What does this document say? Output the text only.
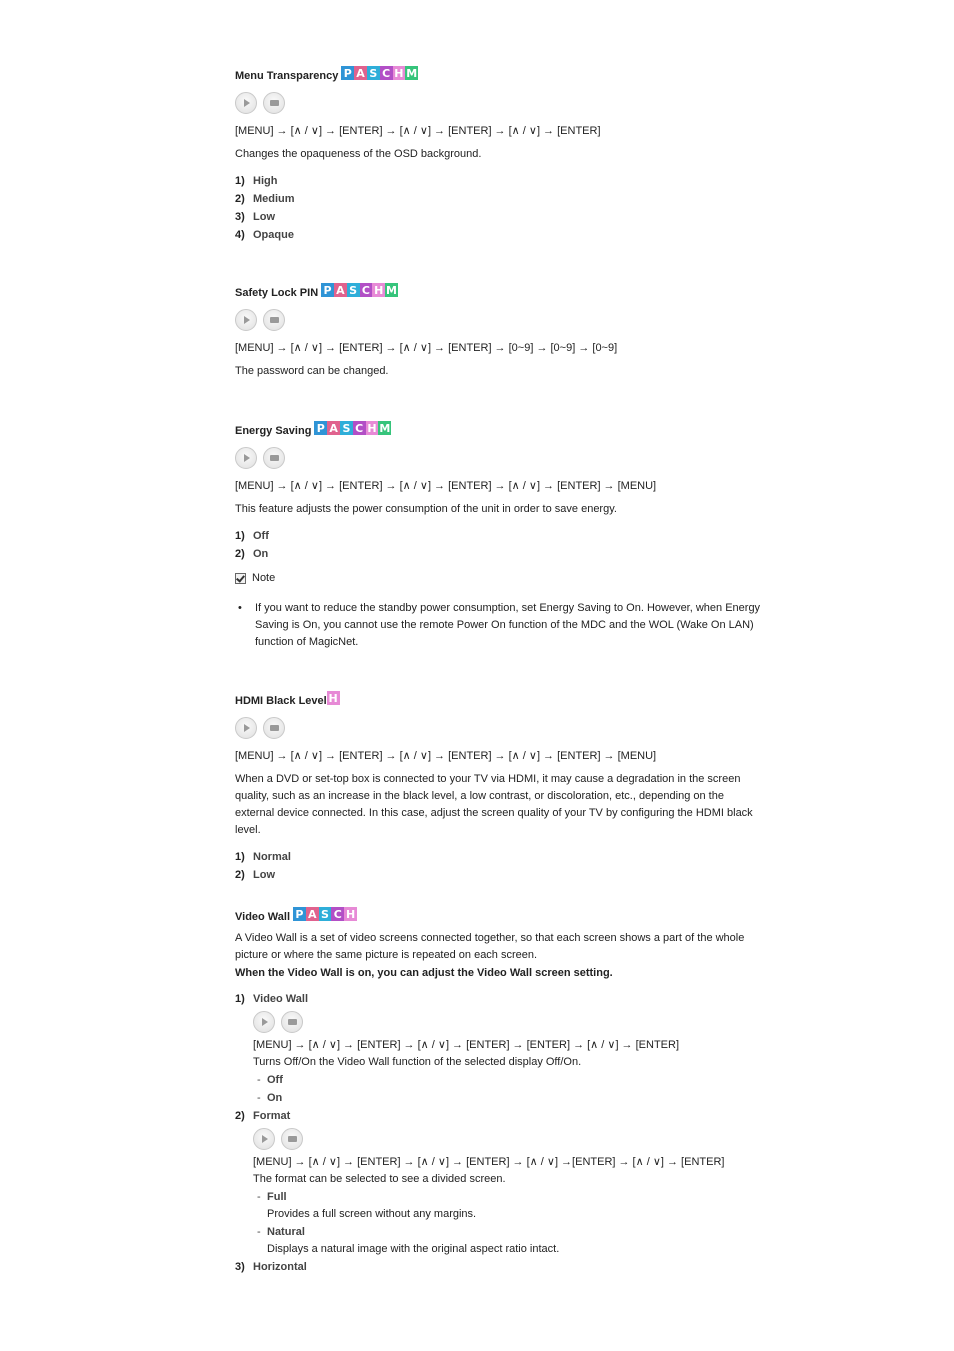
Menu Transparency P A S C H M
[MENU] → [∧ / ∨] → [ENTER] → [∧ / ∨] → [ENTER] → [∧ / ∨] → [ENTER]
Changes the opaqueness of the OSD background.
1) High
2) Medium
3) Low
4) Opaque
Safety Lock PIN P A S C H M
[MENU] → [∧ / ∨] → [ENTER] → [∧ / ∨] → [ENTER] → [0~9] → [0~9] → [0~9]
The password can be changed.
Energy Saving P A S C H M
[MENU] → [∧ / ∨] → [ENTER] → [∧ / ∨] → [ENTER] → [∧ / ∨] → [ENTER] → [MENU]
This feature adjusts the power consumption of the unit in order to save energy.
1) Off
2) On
Note
•	If you want to reduce the standby power consumption, set Energy Saving to On. However, when Energy Saving is On, you cannot use the remote Power On function of the MDC and the WOL (Wake On LAN) function of MagicNet.
HDMI Black Level H
[MENU] → [∧ / ∨] → [ENTER] → [∧ / ∨] → [ENTER] → [∧ / ∨] → [ENTER] → [MENU]
When a DVD or set-top box is connected to your TV via HDMI, it may cause a degradation in the screen quality, such as an increase in the black level, a low contrast, or discoloration, etc., depending on the external device connected. In this case, adjust the screen quality of your TV by configuring the HDMI black level.
1) Normal
2) Low
Video Wall P A S C H
A Video Wall is a set of video screens connected together, so that each screen shows a part of the whole picture or where the same picture is repeated on each screen.
When the Video Wall is on, you can adjust the Video Wall screen setting.
1) Video Wall
[MENU] → [∧ / ∨] → [ENTER] → [∧ / ∨] → [ENTER] → [ENTER] → [∧ / ∨] → [ENTER]
Turns Off/On the Video Wall function of the selected display Off/On.
- Off
- On
2) Format
[MENU] → [∧ / ∨] → [ENTER] → [∧ / ∨] → [ENTER] → [∧ / ∨] →[ENTER] → [∧ / ∨] → [ENTER]
The format can be selected to see a divided screen.
- Full
Provides a full screen without any margins.
- Natural
Displays a natural image with the original aspect ratio intact.
3) Horizontal
